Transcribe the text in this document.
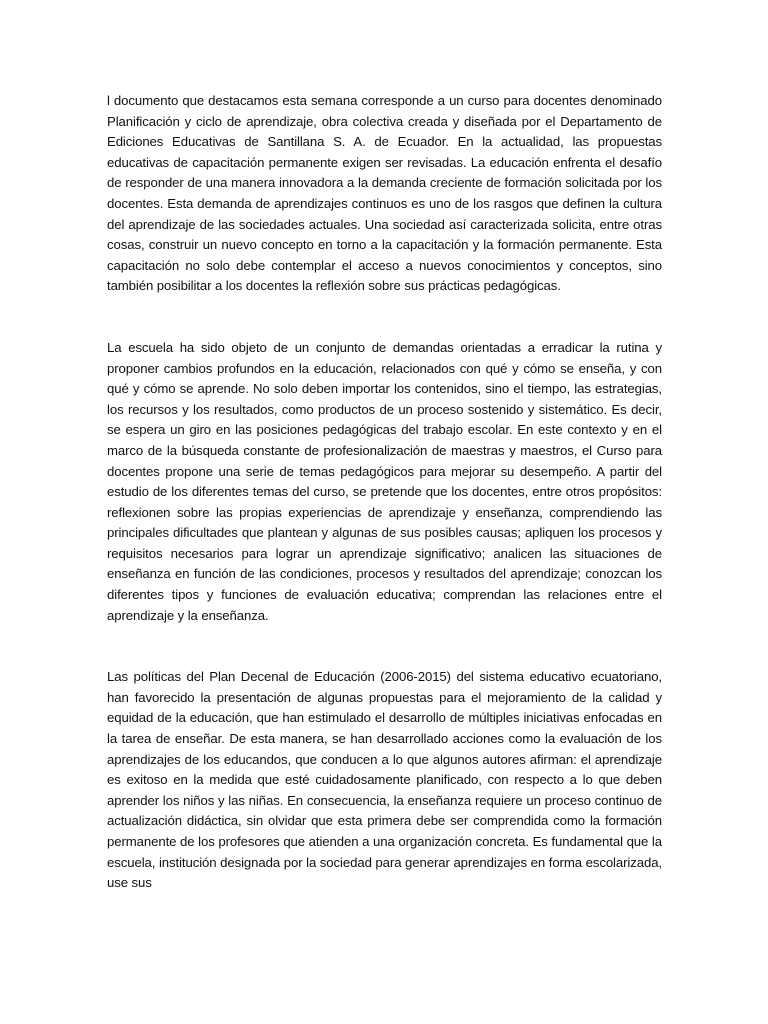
l documento que destacamos esta semana corresponde a un curso para docentes denominado Planificación y ciclo de aprendizaje, obra colectiva creada y diseñada por el Departamento de Ediciones Educativas de Santillana S. A. de Ecuador. En la actualidad, las propuestas educativas de capacitación permanente exigen ser revisadas. La educación enfrenta el desafío de responder de una manera innovadora a la demanda creciente de formación solicitada por los docentes. Esta demanda de aprendizajes continuos es uno de los rasgos que definen la cultura del aprendizaje de las sociedades actuales. Una sociedad así caracterizada solicita, entre otras cosas, construir un nuevo concepto en torno a la capacitación y la formación permanente. Esta capacitación no solo debe contemplar el acceso a nuevos conocimientos y conceptos, sino también posibilitar a los docentes la reflexión sobre sus prácticas pedagógicas.

La escuela ha sido objeto de un conjunto de demandas orientadas a erradicar la rutina y proponer cambios profundos en la educación, relacionados con qué y cómo se enseña, y con qué y cómo se aprende. No solo deben importar los contenidos, sino el tiempo, las estrategias, los recursos y los resultados, como productos de un proceso sostenido y sistemático. Es decir, se espera un giro en las posiciones pedagógicas del trabajo escolar. En este contexto y en el marco de la búsqueda constante de profesionalización de maestras y maestros, el Curso para docentes propone una serie de temas pedagógicos para mejorar su desempeño. A partir del estudio de los diferentes temas del curso, se pretende que los docentes, entre otros propósitos: reflexionen sobre las propias experiencias de aprendizaje y enseñanza, comprendiendo las principales dificultades que plantean y algunas de sus posibles causas; apliquen los procesos y requisitos necesarios para lograr un aprendizaje significativo; analicen las situaciones de enseñanza en función de las condiciones, procesos y resultados del aprendizaje; conozcan los diferentes tipos y funciones de evaluación educativa; comprendan las relaciones entre el aprendizaje y la enseñanza.

Las políticas del Plan Decenal de Educación (2006-2015) del sistema educativo ecuatoriano, han favorecido la presentación de algunas propuestas para el mejoramiento de la calidad y equidad de la educación, que han estimulado el desarrollo de múltiples iniciativas enfocadas en la tarea de enseñar. De esta manera, se han desarrollado acciones como la evaluación de los aprendizajes de los educandos, que conducen a lo que algunos autores afirman: el aprendizaje es exitoso en la medida que esté cuidadosamente planificado, con respecto a lo que deben aprender los niños y las niñas. En consecuencia, la enseñanza requiere un proceso continuo de actualización didáctica, sin olvidar que esta primera debe ser comprendida como la formación permanente de los profesores que atienden a una organización concreta. Es fundamental que la escuela, institución designada por la sociedad para generar aprendizajes en forma escolarizada, use sus
